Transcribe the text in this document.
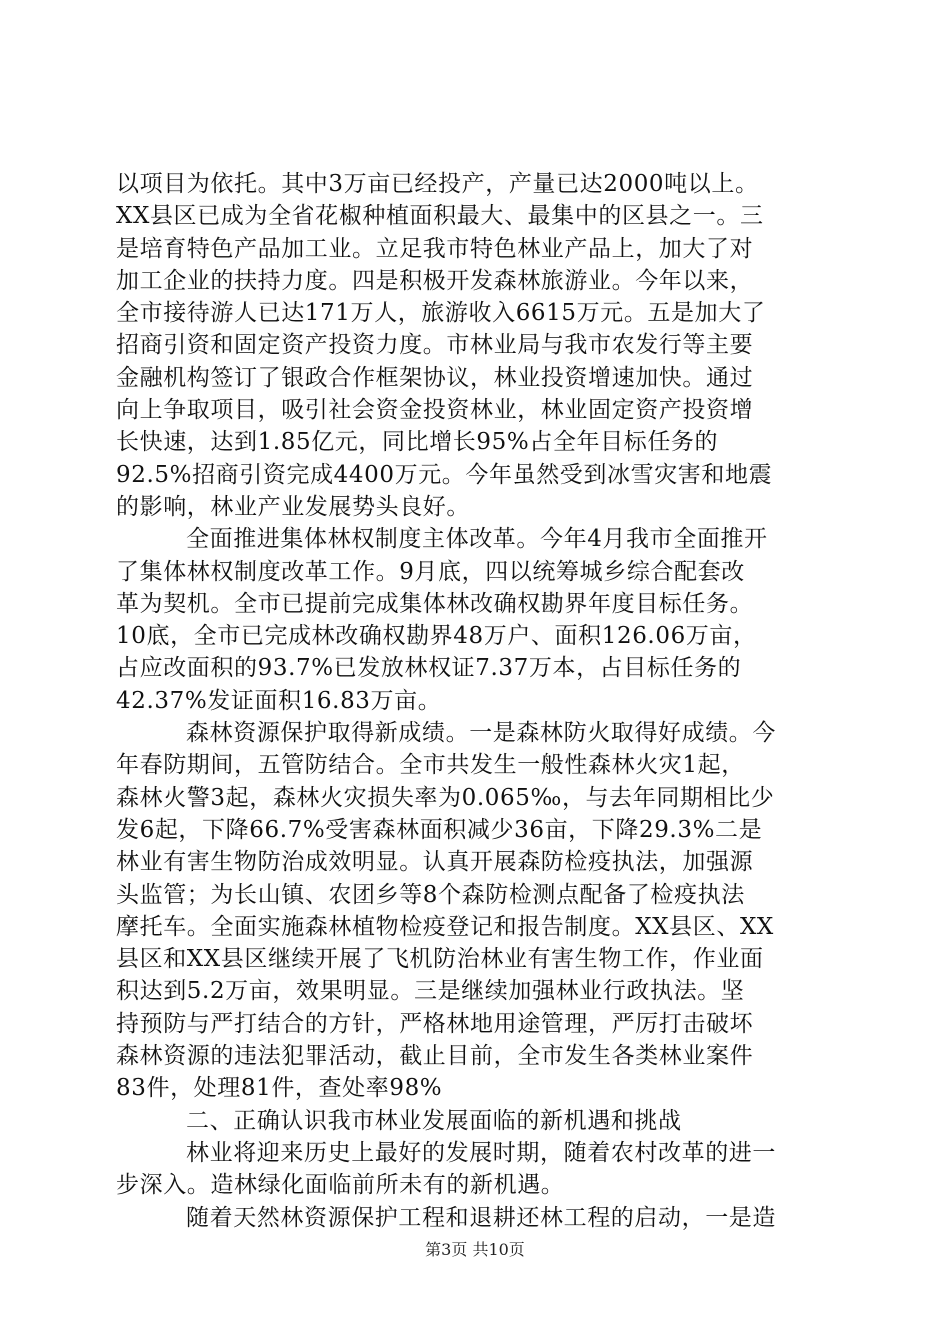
以项目为依托。其中3万亩已经投产，产量已达2000吨以上。
XX县区已成为全省花椒种植面积最大、最集中的区县之一。三
是培育特色产品加工业。立足我市特色林业产品上，加大了对
加工企业的扶持力度。四是积极开发森林旅游业。今年以来，
全市接待游人已达171万人，旅游收入6615万元。五是加大了
招商引资和固定资产投资力度。市林业局与我市农发行等主要
金融机构签订了银政合作框架协议，林业投资增速加快。通过
向上争取项目，吸引社会资金投资林业，林业固定资产投资增
长快速，达到1.85亿元，同比增长95%占全年目标任务的
92.5%招商引资完成4400万元。今年虽然受到冰雪灾害和地震
的影响，林业产业发展势头良好。
全面推进集体林权制度主体改革。今年4月我市全面推开
了集体林权制度改革工作。9月底，四以统筹城乡综合配套改
革为契机。全市已提前完成集体林改确权勘界年度目标任务。
10底，全市已完成林改确权勘界48万户、面积126.06万亩，
占应改面积的93.7%已发放林权证7.37万本，占目标任务的
42.37%发证面积16.83万亩。
森林资源保护取得新成绩。一是森林防火取得好成绩。今
年春防期间，五管防结合。全市共发生一般性森林火灾1起，
森林火警3起，森林火灾损失率为0.065‰，与去年同期相比少
发6起，下降66.7%受害森林面积减少36亩，下降29.3%二是
林业有害生物防治成效明显。认真开展森防检疫执法，加强源
头监管；为长山镇、农团乡等8个森防检测点配备了检疫执法
摩托车。全面实施森林植物检疫登记和报告制度。XX县区、XX
县区和XX县区继续开展了飞机防治林业有害生物工作，作业面
积达到5.2万亩，效果明显。三是继续加强林业行政执法。坚
持预防与严打结合的方针，严格林地用途管理，严厉打击破坏
森林资源的违法犯罪活动，截止目前，全市发生各类林业案件
83件，处理81件，查处率98%
二、正确认识我市林业发展面临的新机遇和挑战
林业将迎来历史上最好的发展时期，随着农村改革的进一
步深入。造林绿化面临前所未有的新机遇。
随着天然林资源保护工程和退耕还林工程的启动，一是造
第3页 共10页
